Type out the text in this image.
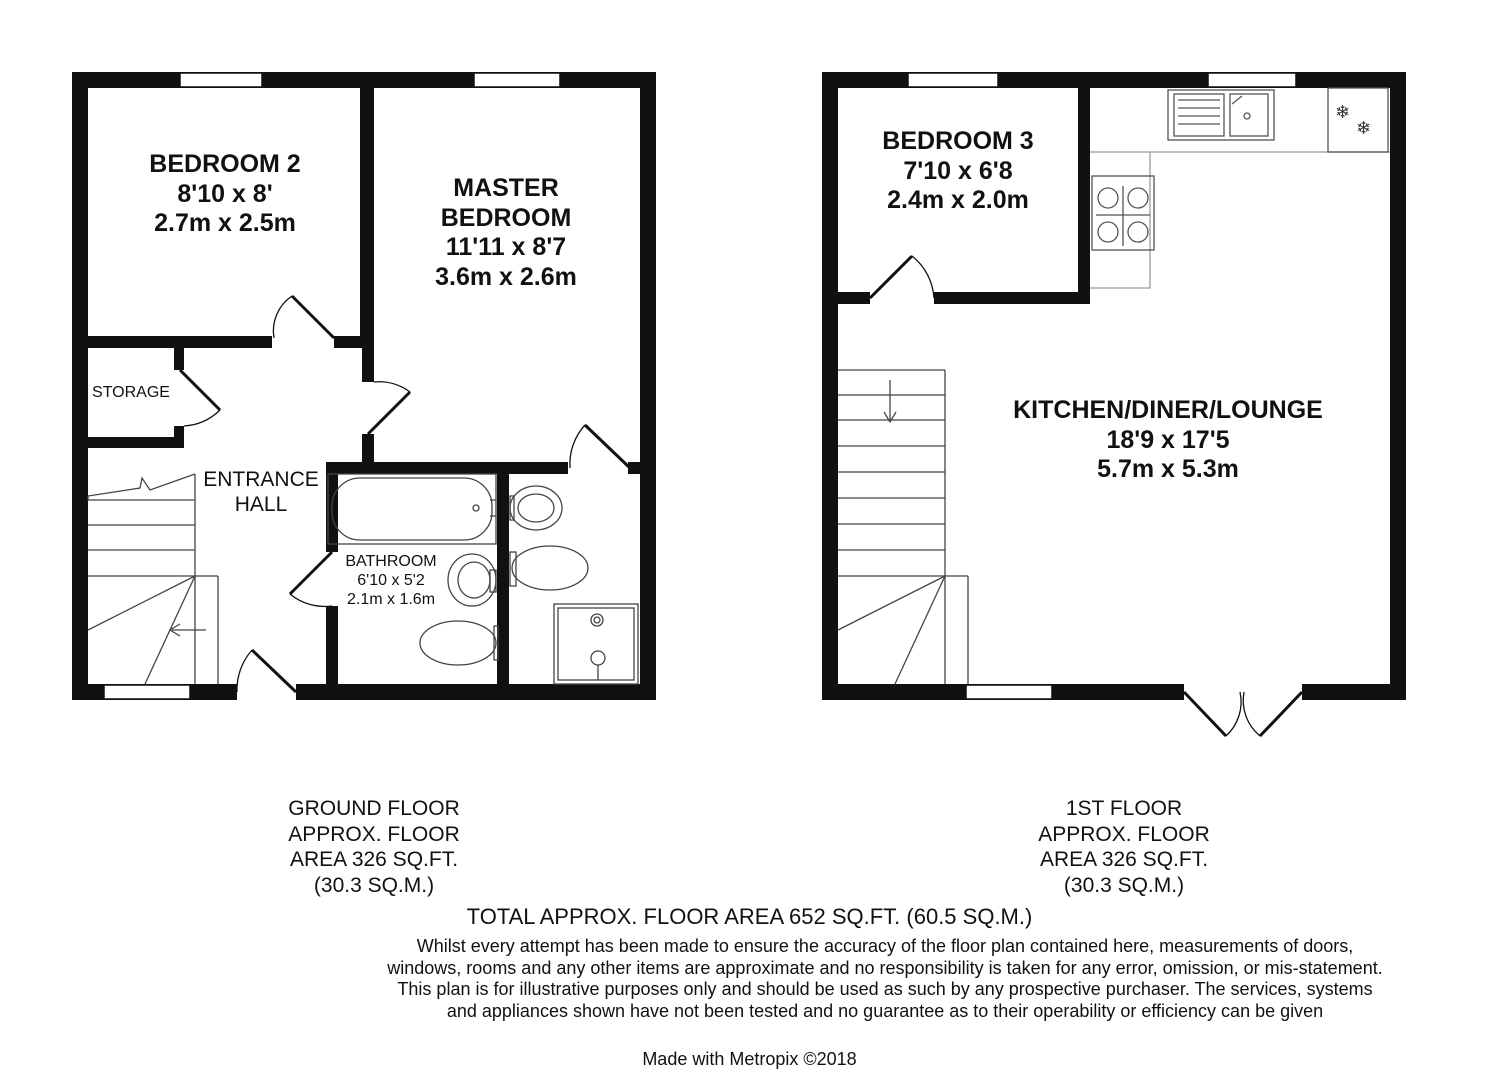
❄
❄
BEDROOM 2
8'10 x 8'
2.7m x 2.5m
MASTER
BEDROOM
11'11 x 8'7
3.6m x 2.6m
STORAGE
ENTRANCE
HALL
BATHROOM
6'10 x 5'2
2.1m x 1.6m
BEDROOM 3
7'10 x 6'8
2.4m x 2.0m
KITCHEN/DINER/LOUNGE
18'9 x 17'5
5.7m x 5.3m
GROUND FLOOR
APPROX. FLOOR
AREA 326 SQ.FT.
(30.3 SQ.M.)
1ST FLOOR
APPROX. FLOOR
AREA 326 SQ.FT.
(30.3 SQ.M.)
TOTAL APPROX. FLOOR AREA 652 SQ.FT. (60.5 SQ.M.)
Whilst every attempt has been made to ensure the accuracy of the floor plan contained here, measurements of doors, windows, rooms and any other items are approximate and no responsibility is taken for any error, omission, or mis-statement. This plan is for illustrative purposes only and should be used as such by any prospective purchaser. The services, systems and appliances shown have not been tested and no guarantee as to their operability or efficiency can be given
Made with Metropix ©2018
